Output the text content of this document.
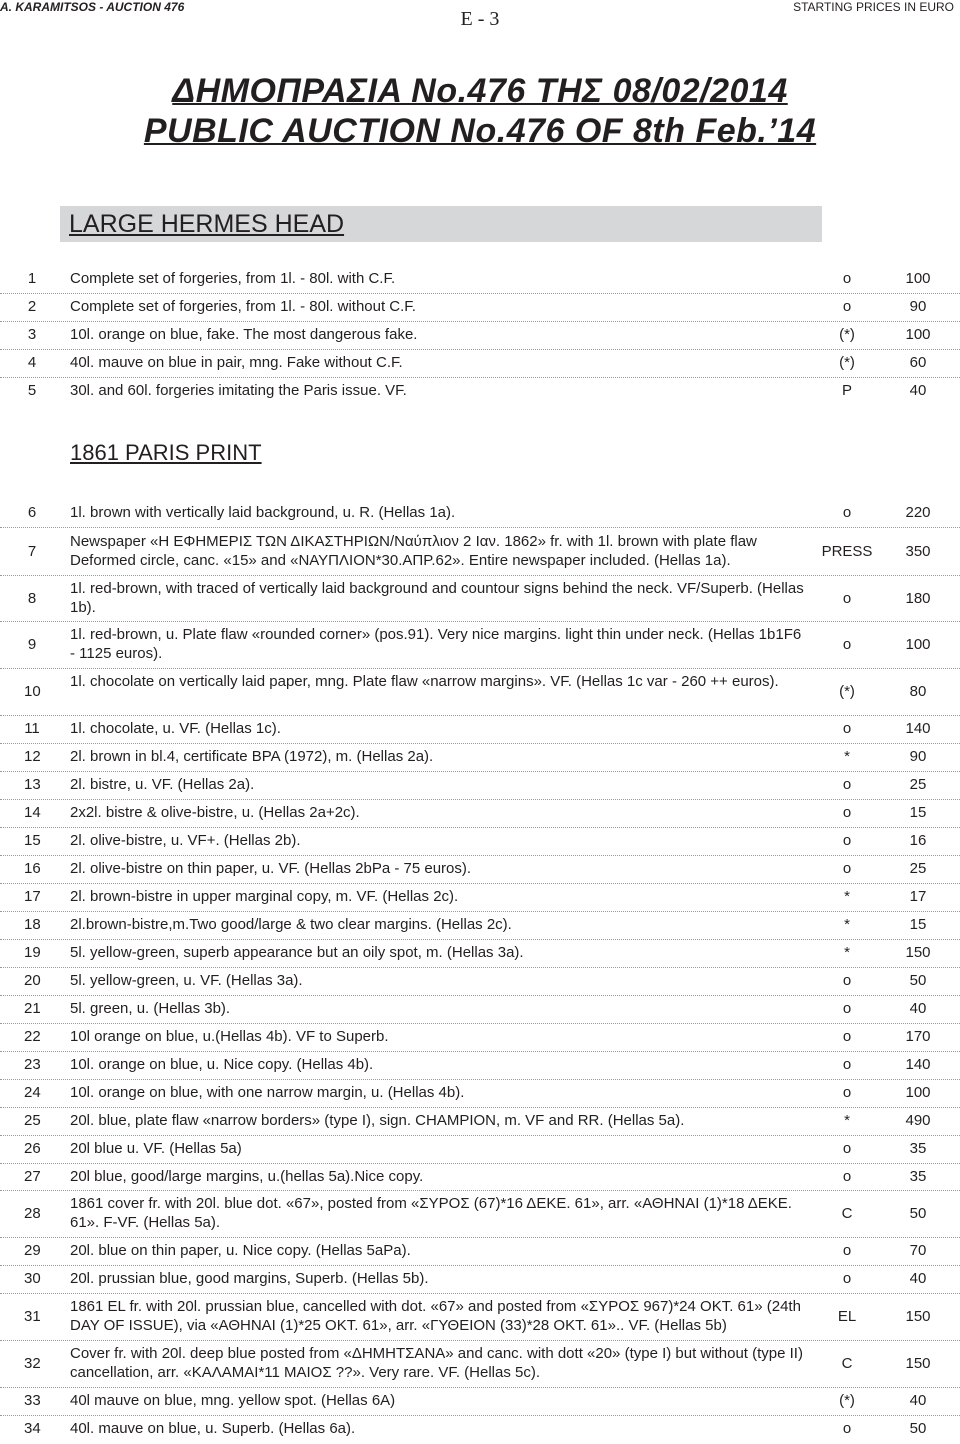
A. KARAMITSOS - AUCTION 476
E - 3
STARTING PRICES IN EURO
ΔΗΜΟΠΡΑΣΙΑ No.476 ΤΗΣ 08/02/2014
PUBLIC AUCTION No.476 OF 8th Feb.’14
LARGE HERMES HEAD
1861 PARIS PRINT
1 Complete set of forgeries, from 1l. - 80l. with C.F.	o	100
2 Complete set of forgeries, from 1l. - 80l. without C.F.	o	90
3 10l. orange on blue, fake. The most dangerous fake.	(*)	100
4 40l. mauve on blue in pair, mng. Fake without C.F.	(*)	60
5 30l. and 60l. forgeries imitating the Paris issue. VF.	P	40
6 1l. brown with vertically laid background, u. R. (Hellas 1a).	o	220
7
Newspaper «Η ΕΦΗΜΕΡΙΣ ΤΩΝ ΔΙΚΑΣΤΗΡΙΩΝ/Ναύπλιον 2 Ιαν. 1862» fr. with 1l. brown with plate flaw Deformed circle, canc. «15» and «ΝΑΥΠΛΙΟΝ*30.ΑΠΡ.62». Entire newspaper included. (Hellas 1a).
PRESS	350
8
1l. red-brown, with traced of vertically laid background and countour signs behind the neck. VF/Superb. (Hellas 1b).
o	180
9
1l. red-brown, u. Plate flaw «rounded corner» (pos.91). Very nice margins. light thin under neck. (Hellas 1b1F6 - 1125 euros).
o	100
10
1l. chocolate on vertically laid paper, mng. Plate flaw «narrow margins». VF. (Hellas 1c var - 260 ++ euros).
(*)	80
11 1l. chocolate, u. VF. (Hellas 1c).	o	140
12 2l. brown in bl.4, certificate BPA (1972), m. (Hellas 2a).	*	90
13 2l. bistre, u. VF. (Hellas 2a).	o	25
14 2x2l. bistre & olive-bistre, u. (Hellas 2a+2c).	o	15
15 2l. olive-bistre, u. VF+. (Hellas 2b).	o	16
16 2l. olive-bistre on thin paper, u. VF. (Hellas 2bPa - 75 euros).	o	25
17 2l. brown-bistre in upper marginal copy, m. VF. (Hellas 2c).	*	17
18 2l.brown-bistre,m.Two good/large & two clear margins. (Hellas 2c).	*	15
19 5l. yellow-green, superb appearance but an oily spot, m. (Hellas 3a).	*	150
20 5l. yellow-green, u. VF. (Hellas 3a).	o	50
21 5l. green, u. (Hellas 3b).	o	40
22 10l orange on blue, u.(Hellas 4b). VF to Superb.	o	170
23 10l. orange on blue, u. Nice copy. (Hellas 4b).	o	140
24 10l. orange on blue, with one narrow margin, u. (Hellas 4b).	o	100
25 20l. blue, plate flaw «narrow borders» (type I), sign. CHAMPION, m. VF and RR. (Hellas 5a).	*	490
26 20l blue u. VF. (Hellas 5a)	o	35
27 20l blue, good/large margins, u.(hellas 5a).Nice copy.	o	35
28
1861 cover fr. with 20l. blue dot. «67», posted from «ΣΥΡΟΣ (67)*16 ΔΕΚΕ. 61», arr. «ΑΘΗΝΑΙ (1)*18 ΔΕΚΕ. 61». F-VF. (Hellas 5a).
C	50
29 20l. blue on thin paper, u. Nice copy. (Hellas 5aPa).	o	70
30 20l. prussian blue, good margins, Superb. (Hellas 5b).	o	40
31
1861 EL fr. with 20l. prussian blue, cancelled with dot. «67» and posted from «ΣΥΡΟΣ 967)*24 ΟΚΤ. 61» (24th DAY OF ISSUE), via «ΑΘΗΝΑΙ (1)*25 ΟΚΤ. 61», arr. «ΓΥΘΕΙΟΝ (33)*28 ΟΚΤ. 61».. VF. (Hellas 5b)
EL	150
32
Cover fr. with 20l. deep blue posted from «ΔΗΜΗΤΣΑΝΑ» and canc. with dott «20» (type I) but without (type II) cancellation, arr. «ΚΑΛΑΜΑΙ*11 ΜΑΙΟΣ ??». Very rare. VF. (Hellas 5c).
C	150
33 40l mauve on blue, mng. yellow spot. (Hellas 6A)	(*)	40
34 40l. mauve on blue, u. Superb. (Hellas 6a).	o	50
